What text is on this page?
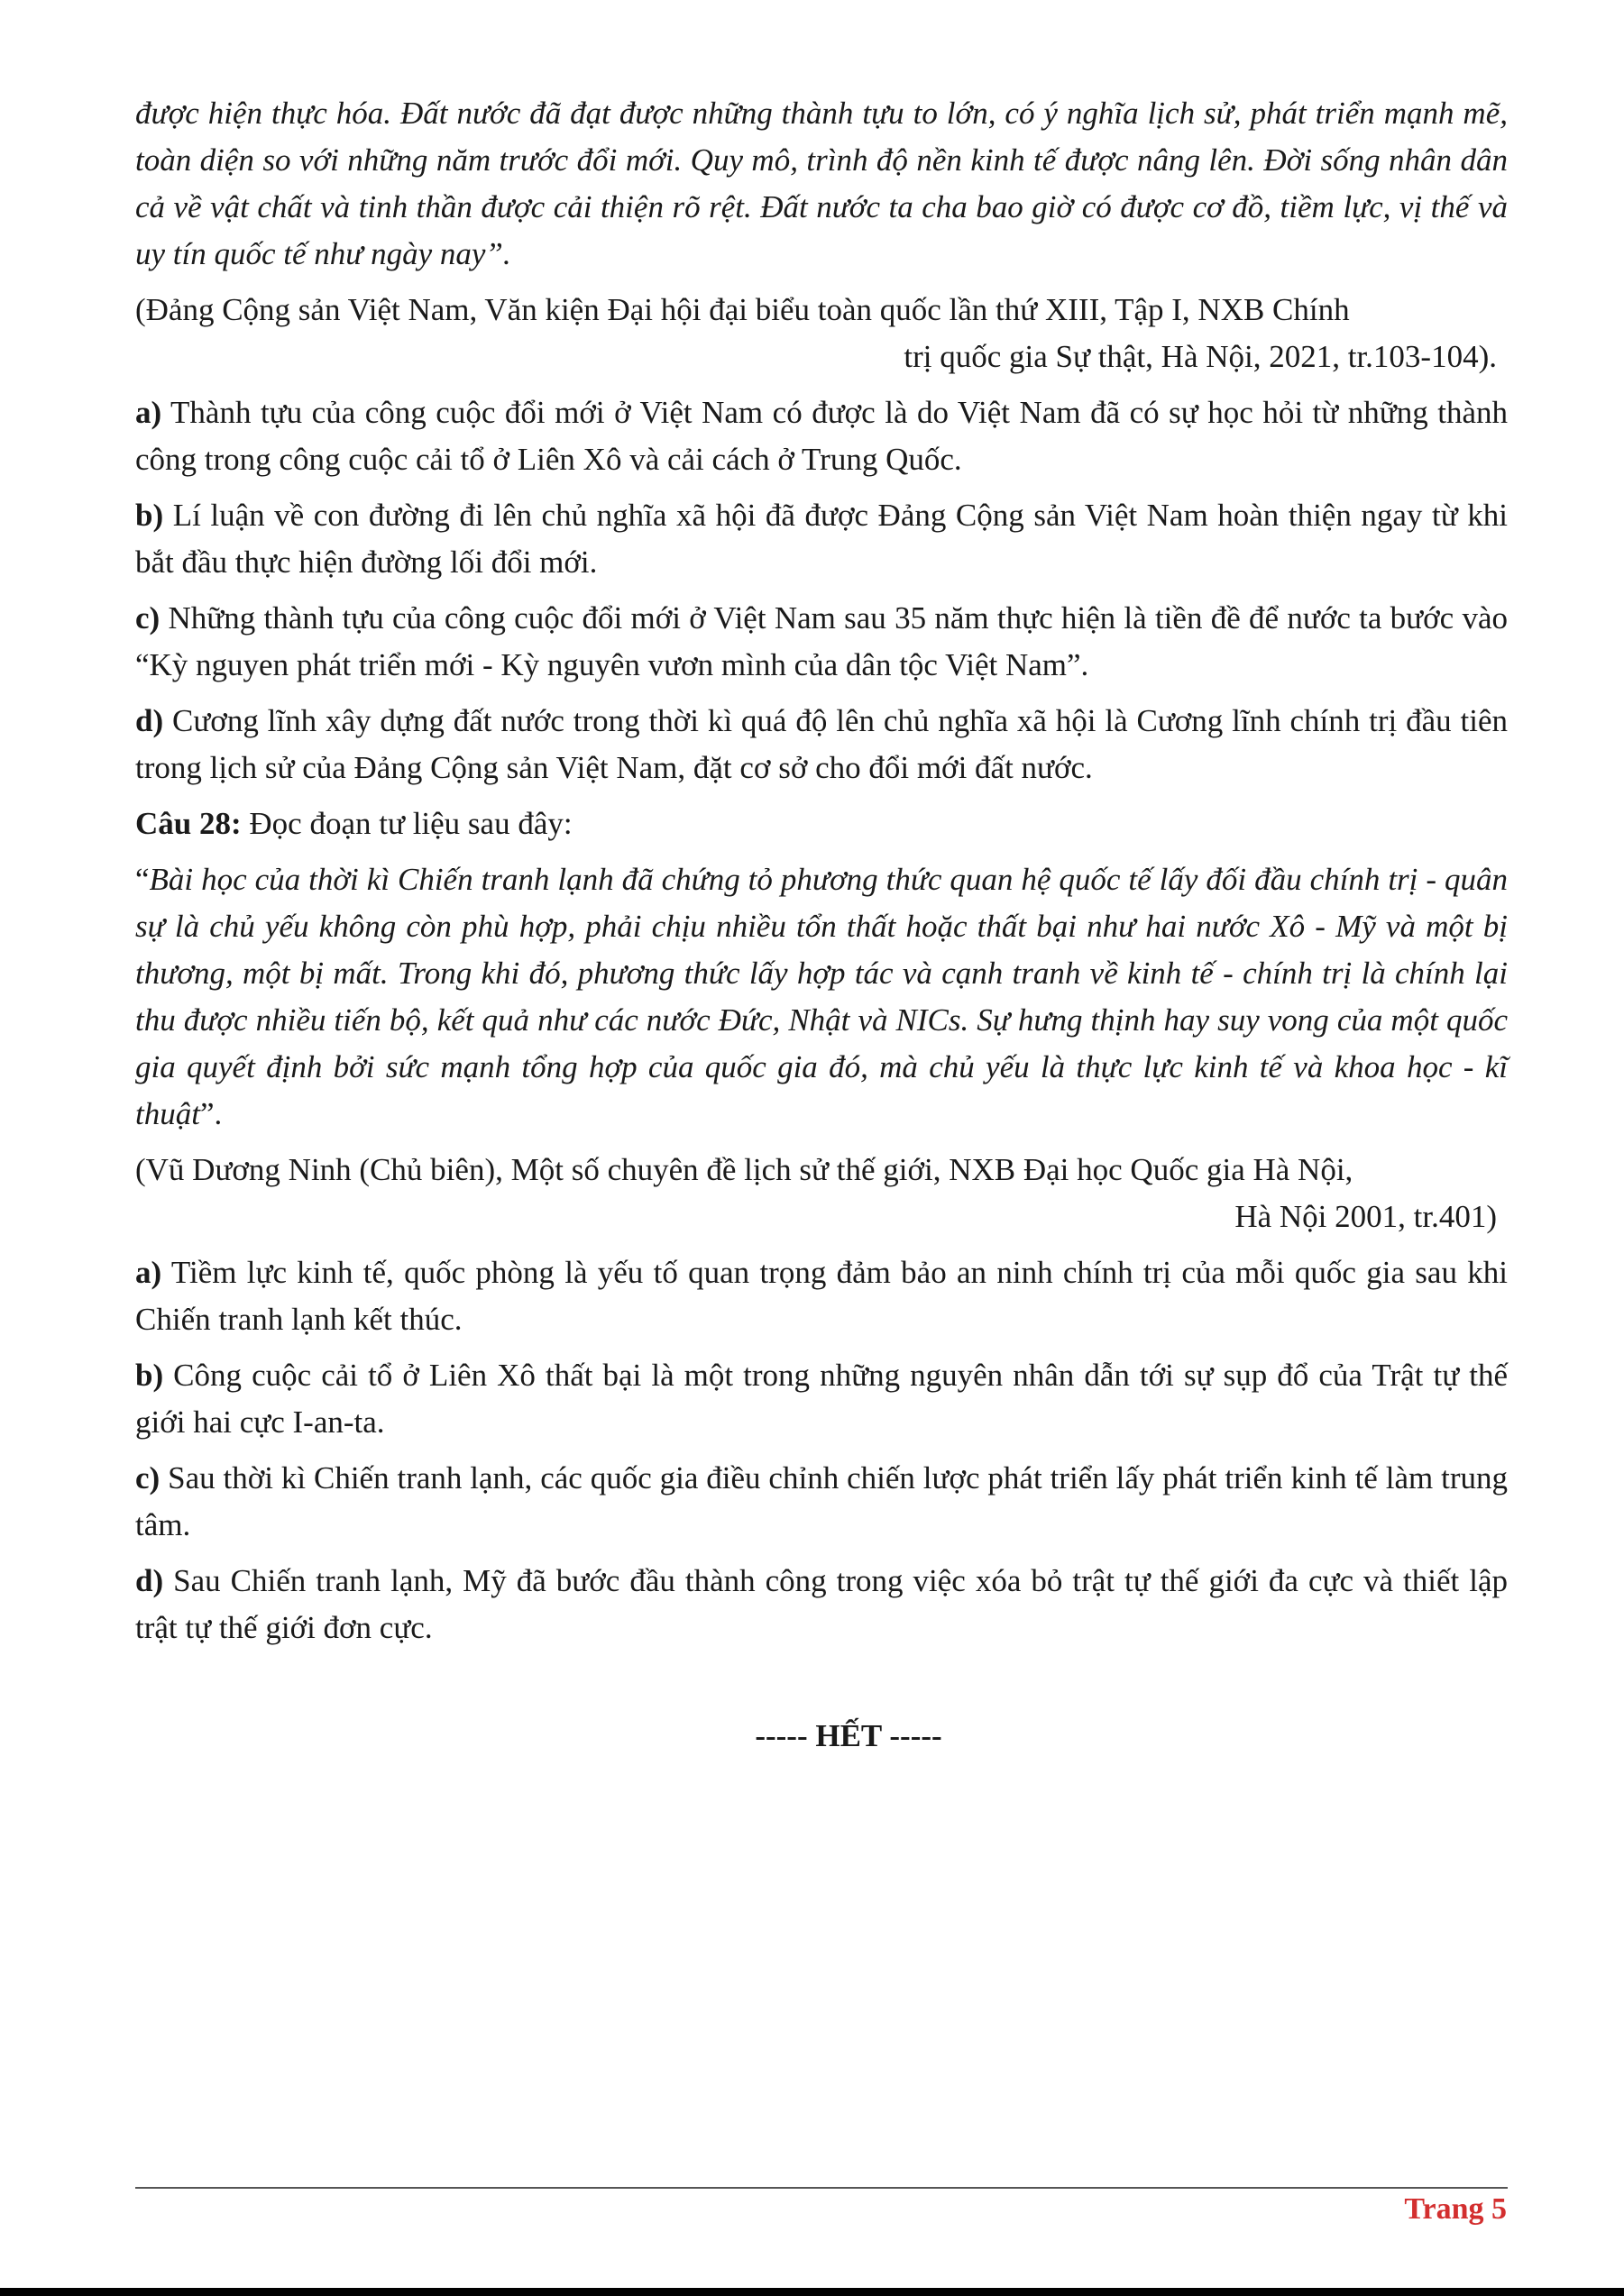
được hiện thực hóa. Đất nước đã đạt được những thành tựu to lớn, có ý nghĩa lịch sử, phát triển mạnh mẽ, toàn diện so với những năm trước đổi mới. Quy mô, trình độ nền kinh tế được nâng lên. Đời sống nhân dân cả về vật chất và tinh thần được cải thiện rõ rệt. Đất nước ta cha bao giờ có được cơ đồ, tiềm lực, vị thế và uy tín quốc tế như ngày nay”.

(Đảng Cộng sản Việt Nam, Văn kiện Đại hội đại biểu toàn quốc lần thứ XIII, Tập I, NXB Chính
trị quốc gia Sự thật, Hà Nội, 2021, tr.103-104).

a) Thành tựu của công cuộc đổi mới ở Việt Nam có được là do Việt Nam đã có sự học hỏi từ những thành công trong công cuộc cải tổ ở Liên Xô và cải cách ở Trung Quốc.

b) Lí luận về con đường đi lên chủ nghĩa xã hội đã được Đảng Cộng sản Việt Nam hoàn thiện ngay từ khi bắt đầu thực hiện đường lối đổi mới.

c) Những thành tựu của công cuộc đổi mới ở Việt Nam sau 35 năm thực hiện là tiền đề để nước ta bước vào “Kỳ nguyen phát triển mới - Kỳ nguyên vươn mình của dân tộc Việt Nam”.

d) Cương lĩnh xây dựng đất nước trong thời kì quá độ lên chủ nghĩa xã hội là Cương lĩnh chính trị đầu tiên trong lịch sử của Đảng Cộng sản Việt Nam, đặt cơ sở cho đổi mới đất nước.

Câu 28: Đọc đoạn tư liệu sau đây:

“Bài học của thời kì Chiến tranh lạnh đã chứng tỏ phương thức quan hệ quốc tế lấy đối đầu chính trị - quân sự là chủ yếu không còn phù hợp, phải chịu nhiều tổn thất hoặc thất bại như hai nước Xô - Mỹ và một bị thương, một bị mất. Trong khi đó, phương thức lấy hợp tác và cạnh tranh về kinh tế - chính trị là chính lại thu được nhiều tiến bộ, kết quả như các nước Đức, Nhật và NICs. Sự hưng thịnh hay suy vong của một quốc gia quyết định bởi sức mạnh tổng hợp của quốc gia đó, mà chủ yếu là thực lực kinh tế và khoa học - kĩ thuật”.

(Vũ Dương Ninh (Chủ biên), Một số chuyên đề lịch sử thế giới, NXB Đại học Quốc gia Hà Nội,
Hà Nội 2001, tr.401)

a) Tiềm lực kinh tế, quốc phòng là yếu tố quan trọng đảm bảo an ninh chính trị của mỗi quốc gia sau khi Chiến tranh lạnh kết thúc.

b) Công cuộc cải tổ ở Liên Xô thất bại là một trong những nguyên nhân dẫn tới sự sụp đổ của Trật tự thế giới hai cực I-an-ta.

c) Sau thời kì Chiến tranh lạnh, các quốc gia điều chỉnh chiến lược phát triển lấy phát triển kinh tế làm trung tâm.

d) Sau Chiến tranh lạnh, Mỹ đã bước đầu thành công trong việc xóa bỏ trật tự thế giới đa cực và thiết lập trật tự thế giới đơn cực.

----- HẾT -----
Trang 5
